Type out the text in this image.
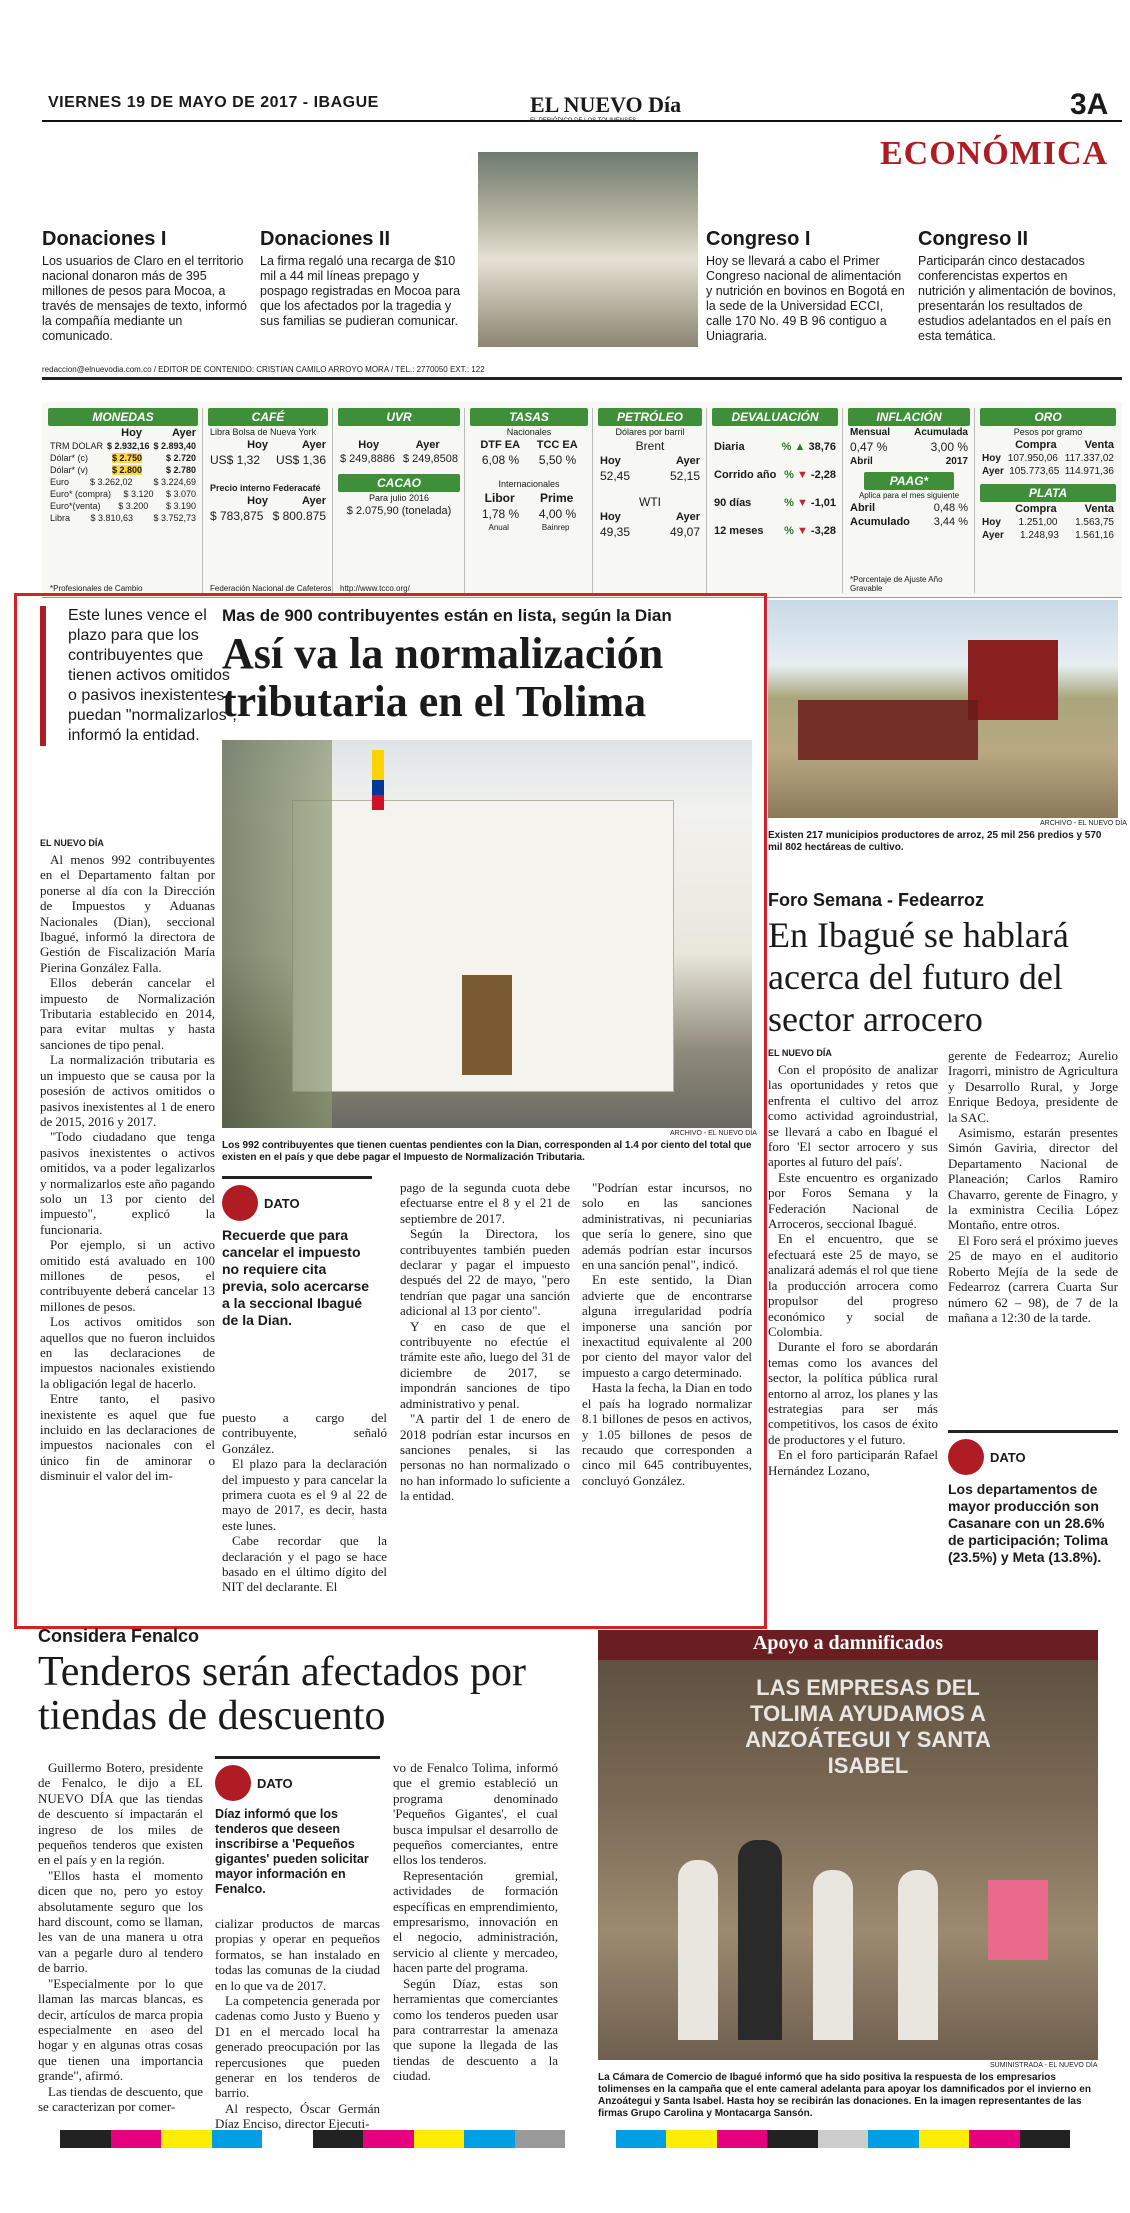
VIERNES 19 DE MAYO DE 2017 - IBAGUE	EL NUEVO Día
EL PERIÓDICO DE LOS TOLIMENSES	3A
ECONÓMICA
Donaciones I

Los usuarios de Claro en el territorio nacional donaron más de 395 millones de pesos para Mocoa, a través de mensajes de texto, informó la compañía mediante un comunicado.

Donaciones II

La firma regaló una recarga de $10 mil a 44 mil líneas prepago y pospago registradas en Mocoa para que los afectados por la tragedia y sus familias se pudieran comunicar.

Congreso I

Hoy se llevará a cabo el Primer Congreso nacional de alimentación y nutrición en bovinos en Bogotá en la sede de la Universidad ECCI, calle 170 No. 49 B 96 contiguo a Uniagraria.

Congreso II

Participarán cinco destacados conferencistas expertos en nutrición y alimentación de bovinos, presentarán los resultados de estudios adelantados en el país en esta temática.

redaccion@elnuevodia.com.co / EDITOR DE CONTENIDO: CRISTIAN CAMILO ARROYO MORA / TEL.: 2770050 EXT.: 122
MONEDAS
Hoy	Ayer
TRM DOLAR $ 2.932,16 $ 2.893,40
Dólar* (c)	$ 2.750	$ 2.720
Dólar* (v)	$ 2.800	$ 2.780
Euro $ 3.262,02 $ 3.224,69
Euro* (compra) $ 3.120 $ 3.070
Euro*(venta) $ 3.200 $ 3.190
Libra $ 3.810,63 $ 3.752,73
*Profesionales de Cambio
CAFÉ
Libra Bolsa de Nueva York
Hoy	Ayer
US$ 1,32 US$ 1,36
Precio interno Federacafé
Hoy	Ayer
$ 783,875 $ 800.875
Federación Nacional de Cafeteros
UVR
Hoy	Ayer
$ 249,8886 $ 249,8508
CACAO
Para julio 2016
$ 2.075,90 (tonelada)
http://www.tcco.org/
TASAS
Nacionales
DTF EA TCC EA
6,08 % 5,50 %
Internacionales
Libor Prime
1,78 % 4,00 %
Anual	Bainrep
PETRÓLEO
Dólares por barril
Brent
Hoy	Ayer
52,45	52,15
WTI
Hoy	Ayer
49,35	49,07
DEVALUACIÓN
Diaria	% ▲ 38,76
Corrido año % ▼ -2,28
90 días	% ▼ -1,01
12 meses % ▼ -3,28
INFLACIÓN
Mensual Acumulada
0,47 %	3,00 %
Abril	2017
PAAG*
Aplica para el mes siguiente
Abril	0,48 %
Acumulado 3,44 %
*Porcentaje de Ajuste Año Gravable
ORO
Pesos por gramo
Compra	Venta
Hoy 107.950,06 117.337,02
Ayer 105.773,65 114.971,36
PLATA
Compra	Venta
Hoy 1.251,00 1.563,75
Ayer 1.248,93 1.561,16
Este lunes vence el plazo para que los contribuyentes que tienen activos omitidos o pasivos inexistentes puedan "normalizarlos", informó la entidad.
Mas de 900 contribuyentes están en lista, según la Dian
Así va la normalización tributaria en el Tolima
EL NUEVO DÍA

Al menos 992 contribuyentes en el Departamento faltan por ponerse al día con la Dirección de Impuestos y Aduanas Nacionales (Dian), seccional Ibagué, informó la directora de Gestión de Fiscalización María Pierina González Falla.

Ellos deberán cancelar el impuesto de Normalización Tributaria establecido en 2014, para evitar multas y hasta sanciones de tipo penal.

La normalización tributaria es un impuesto que se causa por la posesión de activos omitidos o pasivos inexistentes al 1 de enero de 2015, 2016 y 2017.

"Todo ciudadano que tenga pasivos inexistentes o activos omitidos, va a poder legalizarlos y normalizarlos este año pagando solo un 13 por ciento del impuesto", explicó la funcionaria.

Por ejemplo, si un activo omitido está avaluado en 100 millones de pesos, el contribuyente deberá cancelar 13 millones de pesos.

Los activos omitidos son aquellos que no fueron incluidos en las declaraciones de impuestos nacionales existiendo la obligación legal de hacerlo.

Entre tanto, el pasivo inexistente es aquel que fue incluido en las declaraciones de impuestos nacionales con el único fin de aminorar o disminuir el valor del im-

ARCHIVO - EL NUEVO DÍA
Los 992 contribuyentes que tienen cuentas pendientes con la Dian, corresponden al 1.4 por ciento del total que existen en el país y que debe pagar el Impuesto de Normalización Tributaria.
DATO

Recuerde que para cancelar el impuesto no requiere cita previa, solo acercarse a la seccional Ibagué de la Dian.

puesto a cargo del contribuyente, señaló González.

El plazo para la declaración del impuesto y para cancelar la primera cuota es el 9 al 22 de mayo de 2017, es decir, hasta este lunes.

Cabe recordar que la declaración y el pago se hace basado en el último dígito del NIT del declarante. El

pago de la segunda cuota debe efectuarse entre el 8 y el 21 de septiembre de 2017.

Según la Directora, los contribuyentes también pueden declarar y pagar el impuesto después del 22 de mayo, "pero tendrían que pagar una sanción adicional al 13 por ciento".

Y en caso de que el contribuyente no efectúe el trámite este año, luego del 31 de diciembre de 2017, se impondrán sanciones de tipo administrativo y penal.

"A partir del 1 de enero de 2018 podrían estar incursos en sanciones penales, si las personas no han normalizado o no han informado lo suficiente a la entidad.

"Podrían estar incursos, no solo en las sanciones administrativas, ni pecuniarias que sería lo genere, sino que además podrían estar incursos en una sanción penal", indicó.

En este sentido, la Dian advierte que de encontrarse alguna irregularidad podría imponerse una sanción por inexactitud equivalente al 200 por ciento del mayor valor del impuesto a cargo determinado.

Hasta la fecha, la Dian en todo el país ha logrado normalizar 8.1 billones de pesos en activos, y 1.05 billones de pesos de recaudo que corresponden a cinco mil 645 contribuyentes, concluyó González.

ARCHIVO - EL NUEVO DÍA
Existen 217 municipios productores de arroz, 25 mil 256 predios y 570 mil 802 hectáreas de cultivo.
Foro Semana - Fedearroz
En Ibagué se hablará acerca del futuro del sector arrocero
EL NUEVO DÍA

Con el propósito de analizar las oportunidades y retos que enfrenta el cultivo del arroz como actividad agroindustrial, se llevará a cabo en Ibagué el foro 'El sector arrocero y sus aportes al futuro del país'.

Este encuentro es organizado por Foros Semana y la Federación Nacional de Arroceros, seccional Ibagué.

En el encuentro, que se efectuará este 25 de mayo, se analizará además el rol que tiene la producción arrocera como propulsor del progreso económico y social de Colombia.

Durante el foro se abordarán temas como los avances del sector, la política pública rural entorno al arroz, los planes y las estrategias para ser más competitivos, los casos de éxito de productores y el futuro.

En el foro participarán Rafael Hernández Lozano,

gerente de Fedearroz; Aurelio Iragorri, ministro de Agricultura y Desarrollo Rural, y Jorge Enrique Bedoya, presidente de la SAC.

Asimismo, estarán presentes Simón Gaviria, director del Departamento Nacional de Planeación; Carlos Ramiro Chavarro, gerente de Finagro, y la exministra Cecilia López Montaño, entre otros.

El Foro será el próximo jueves 25 de mayo en el auditorio Roberto Mejía de la sede de Fedearroz (carrera Cuarta Sur número 62 – 98), de 7 de la mañana a 12:30 de la tarde.

DATO

Los departamentos de mayor producción son Casanare con un 28.6% de participación; Tolima (23.5%) y Meta (13.8%).

Considera Fenalco
Tenderos serán afectados por tiendas de descuento

Guillermo Botero, presidente de Fenalco, le dijo a EL NUEVO DÍA que las tiendas de descuento sí impactarán el ingreso de los miles de pequeños tenderos que existen en el país y en la región.

"Ellos hasta el momento dicen que no, pero yo estoy absolutamente seguro que los hard discount, como se llaman, les van de una manera u otra van a pegarle duro al tendero de barrio.

"Especialmente por lo que llaman las marcas blancas, es decir, artículos de marca propia especialmente en aseo del hogar y en algunas otras cosas que tienen una importancia grande", afirmó.

Las tiendas de descuento, que se caracterizan por comer-

DATO

Díaz informó que los tenderos que deseen inscribirse a 'Pequeños gigantes' pueden solicitar mayor información en Fenalco.

cializar productos de marcas propias y operar en pequeños formatos, se han instalado en todas las comunas de la ciudad en lo que va de 2017.

La competencia generada por cadenas como Justo y Bueno y D1 en el mercado local ha generado preocupación por las repercusiones que pueden generar en los tenderos de barrio.

Al respecto, Óscar Germán Díaz Enciso, director Ejecuti-

vo de Fenalco Tolima, informó que el gremio estableció un programa denominado 'Pequeños Gigantes', el cual busca impulsar el desarrollo de pequeños comerciantes, entre ellos los tenderos.

Representación gremial, actividades de formación específicas en emprendimiento, empresarismo, innovación en el negocio, administración, servicio al cliente y mercadeo, hacen parte del programa.

Según Díaz, estas son herramientas que comerciantes como los tenderos pueden usar para contrarrestar la amenaza que supone la llegada de las tiendas de descuento a la ciudad.

Apoyo a damnificados
LAS EMPRESAS DEL TOLIMA AYUDAMOS A ANZOÁTEGUI Y SANTA ISABEL
SUMINISTRADA - EL NUEVO DÍA
La Cámara de Comercio de Ibagué informó que ha sido positiva la respuesta de los empresarios tolimenses en la campaña que el ente cameral adelanta para apoyar los damnificados por el invierno en Anzoátegui y Santa Isabel. Hasta hoy se recibirán las donaciones. En la imagen representantes de las firmas Grupo Carolina y Montacarga Sansón.
